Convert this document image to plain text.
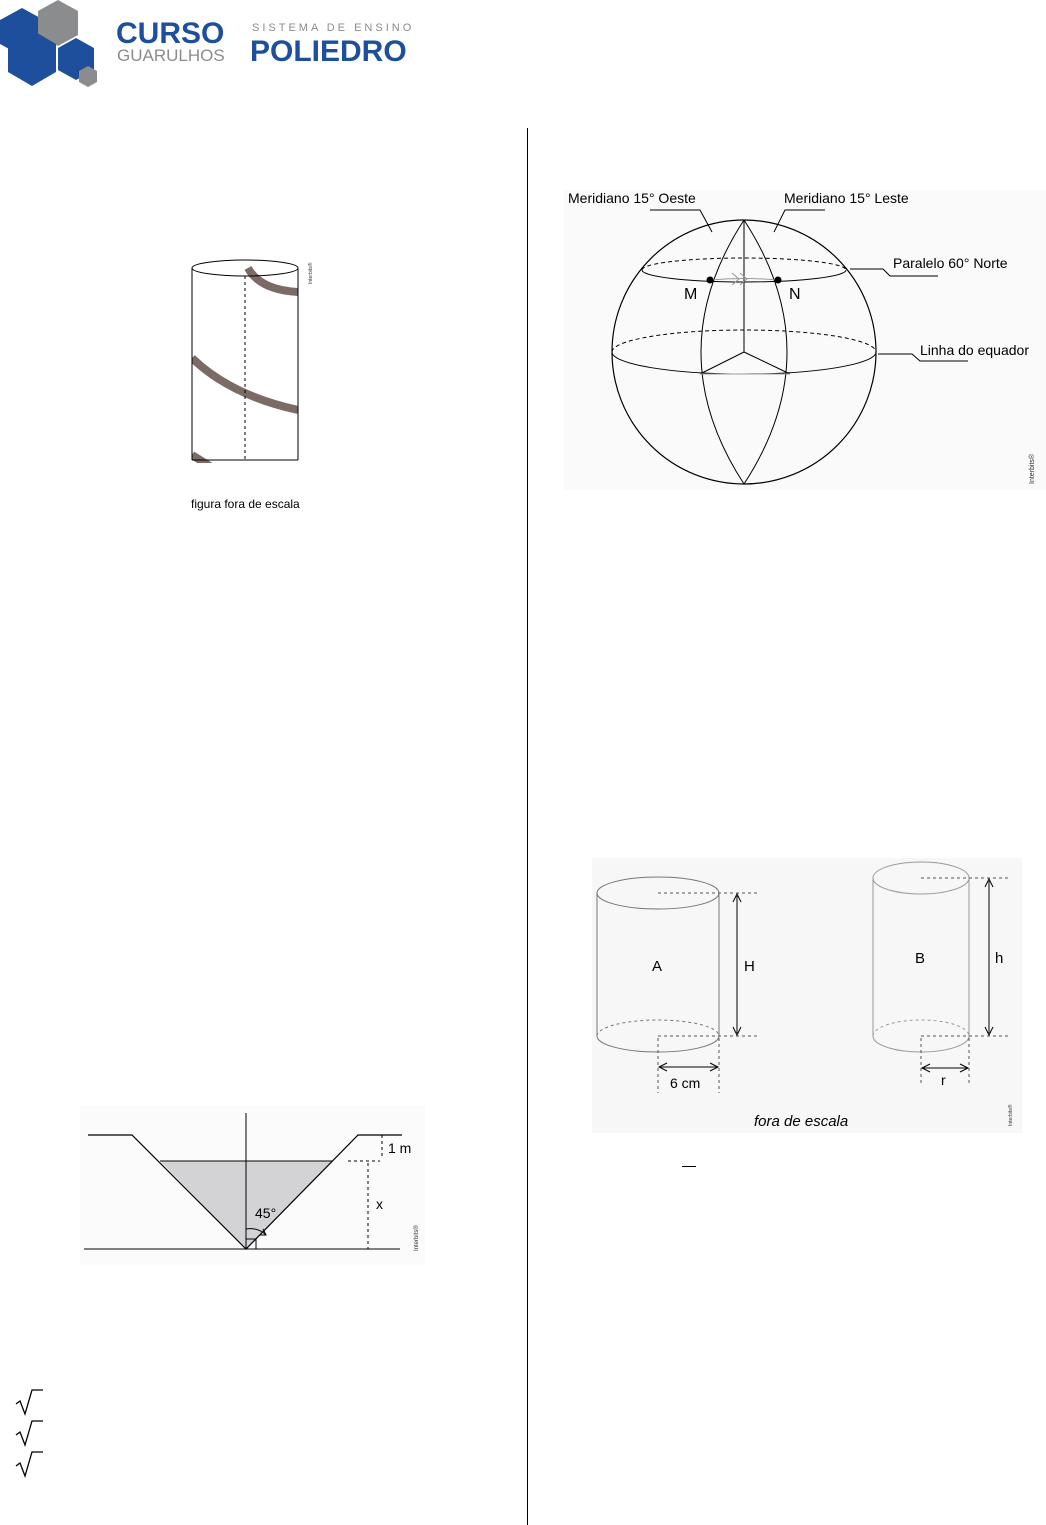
CURSO
GUARULHOS
SISTEMA DE ENSINO
POLIEDRO
figura fora de escala
Interbits®
M	N
Meridiano 15° Oeste	Meridiano 15° Leste
Paralelo 60° Norte
Linha do equador
Interbits®
45°
1 m
x
Interbits®
A	H
6 cm
B	h
r
fora de escala	Interbits®
